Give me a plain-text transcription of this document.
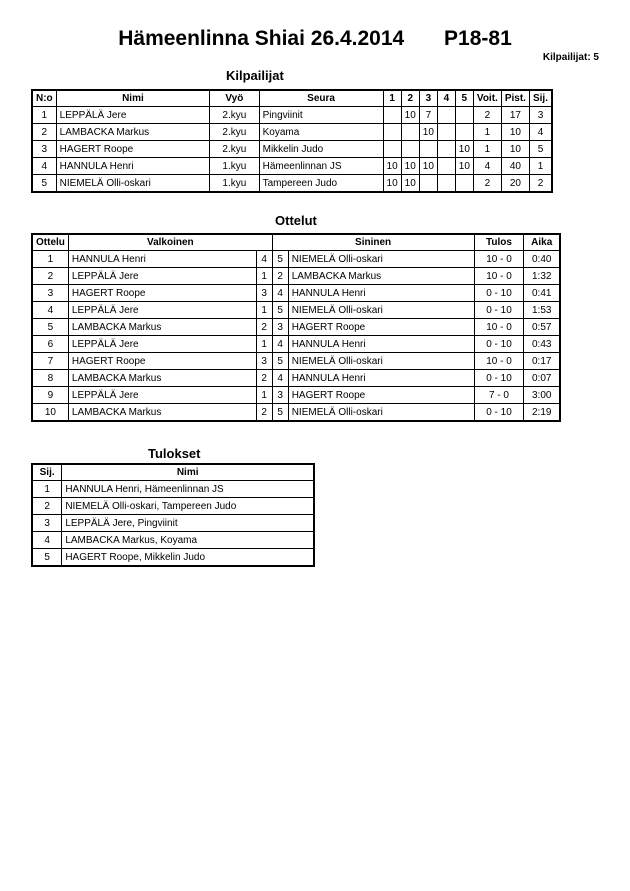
Hämeenlinna Shiai 26.4.2014 P18-81
Kilpailijat: 5
Kilpailijat
N:o	Nimi	Vyö	Seura	1	2	3	4	5	Voit.	Pist.	Sij.
1	LEPPÄLÄ Jere	2.kyu	Pingviinit		10	7			2	17	3
2	LAMBACKA Markus	2.kyu	Koyama			10			1	10	4
3	HAGERT Roope	2.kyu	Mikkelin Judo					10	1	10	5
4	HANNULA Henri	1.kyu	Hämeenlinnan JS	10	10	10		10	4	40	1
5	NIEMELÄ Olli-oskari	1.kyu	Tampereen Judo	10	10				2	20	2
Ottelut
Ottelu	Valkoinen		Sininen		Tulos	Aika
1	HANNULA Henri	4	5	NIEMELÄ Olli-oskari	10 - 0	0:40
2	LEPPÄLÄ Jere	1	2	LAMBACKA Markus	10 - 0	1:32
3	HAGERT Roope	3	4	HANNULA Henri	0 - 10	0:41
4	LEPPÄLÄ Jere	1	5	NIEMELÄ Olli-oskari	0 - 10	1:53
5	LAMBACKA Markus	2	3	HAGERT Roope	10 - 0	0:57
6	LEPPÄLÄ Jere	1	4	HANNULA Henri	0 - 10	0:43
7	HAGERT Roope	3	5	NIEMELÄ Olli-oskari	10 - 0	0:17
8	LAMBACKA Markus	2	4	HANNULA Henri	0 - 10	0:07
9	LEPPÄLÄ Jere	1	3	HAGERT Roope	7 - 0	3:00
10	LAMBACKA Markus	2	5	NIEMELÄ Olli-oskari	0 - 10	2:19
Tulokset
Sij.	Nimi
1	HANNULA Henri, Hämeenlinnan JS
2	NIEMELÄ Olli-oskari, Tampereen Judo
3	LEPPÄLÄ Jere, Pingviinit
4	LAMBACKA Markus, Koyama
5	HAGERT Roope, Mikkelin Judo
